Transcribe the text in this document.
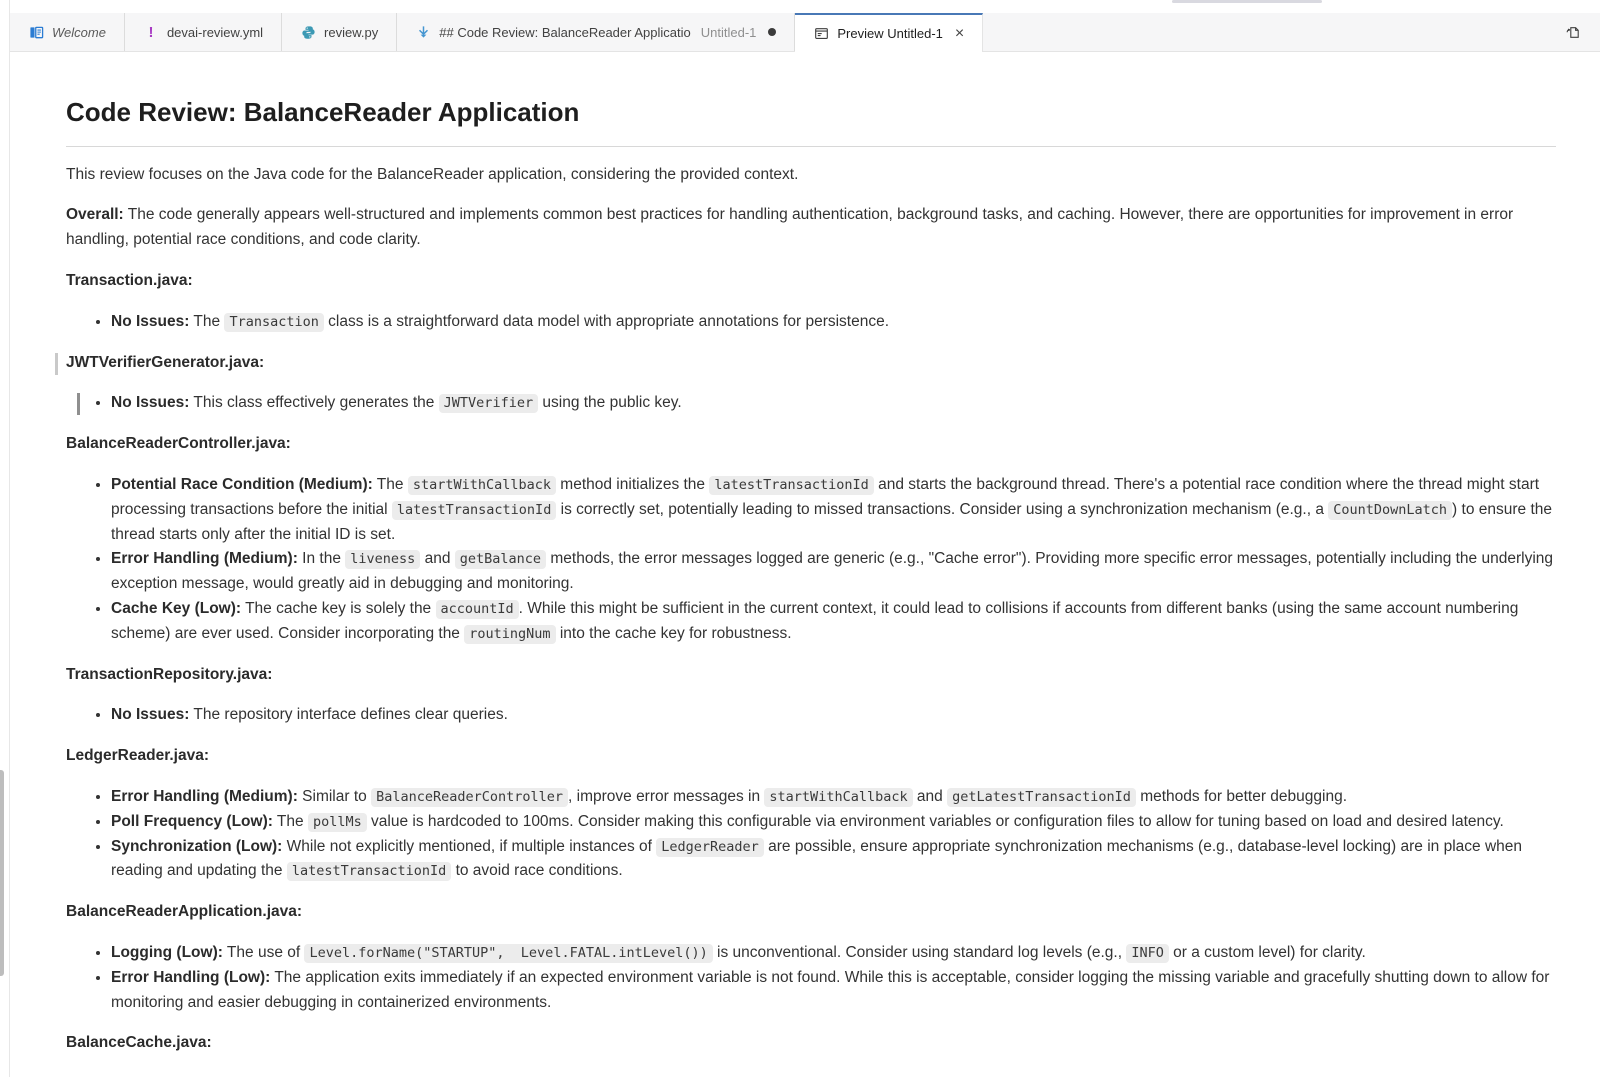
Welcome	! devai-review.yml	review.py	## Code Review: BalanceReader Applicatio Untitled-1	Preview Untitled-1 ×
Code Review: BalanceReader Application

This review focuses on the Java code for the BalanceReader application, considering the provided context.

Overall: The code generally appears well-structured and implements common best practices for handling authentication, background tasks, and caching. However, there are opportunities for improvement in error handling, potential race conditions, and code clarity.

Transaction.java:

• No Issues: The Transaction class is a straightforward data model with appropriate annotations for persistence.

JWTVerifierGenerator.java:

• No Issues: This class effectively generates the JWTVerifier using the public key.

BalanceReaderController.java:

• Potential Race Condition (Medium): The startWithCallback method initializes the latestTransactionId and starts the background thread. There's a potential race condition where the thread might start processing transactions before the initial latestTransactionId is correctly set, potentially leading to missed transactions. Consider using a synchronization mechanism (e.g., a CountDownLatch ) to ensure the thread starts only after the initial ID is set.
• Error Handling (Medium): In the liveness and getBalance methods, the error messages logged are generic (e.g., "Cache error"). Providing more specific error messages, potentially including the underlying exception message, would greatly aid in debugging and monitoring.
• Cache Key (Low): The cache key is solely the accountId . While this might be sufficient in the current context, it could lead to collisions if accounts from different banks (using the same account numbering scheme) are ever used. Consider incorporating the routingNum into the cache key for robustness.

TransactionRepository.java:

• No Issues: The repository interface defines clear queries.

LedgerReader.java:

• Error Handling (Medium): Similar to BalanceReaderController , improve error messages in startWithCallback and getLatestTransactionId methods for better debugging.
• Poll Frequency (Low): The pollMs value is hardcoded to 100ms. Consider making this configurable via environment variables or configuration files to allow for tuning based on load and desired latency.
• Synchronization (Low): While not explicitly mentioned, if multiple instances of LedgerReader are possible, ensure appropriate synchronization mechanisms (e.g., database-level locking) are in place when reading and updating the latestTransactionId to avoid race conditions.

BalanceReaderApplication.java:

• Logging (Low): The use of Level.forName("STARTUP",  Level.FATAL.intLevel()) is unconventional. Consider using standard log levels (e.g., INFO or a custom level) for clarity.
• Error Handling (Low): The application exits immediately if an expected environment variable is not found. While this is acceptable, consider logging the missing variable and gracefully shutting down to allow for monitoring and easier debugging in containerized environments.

BalanceCache.java:
